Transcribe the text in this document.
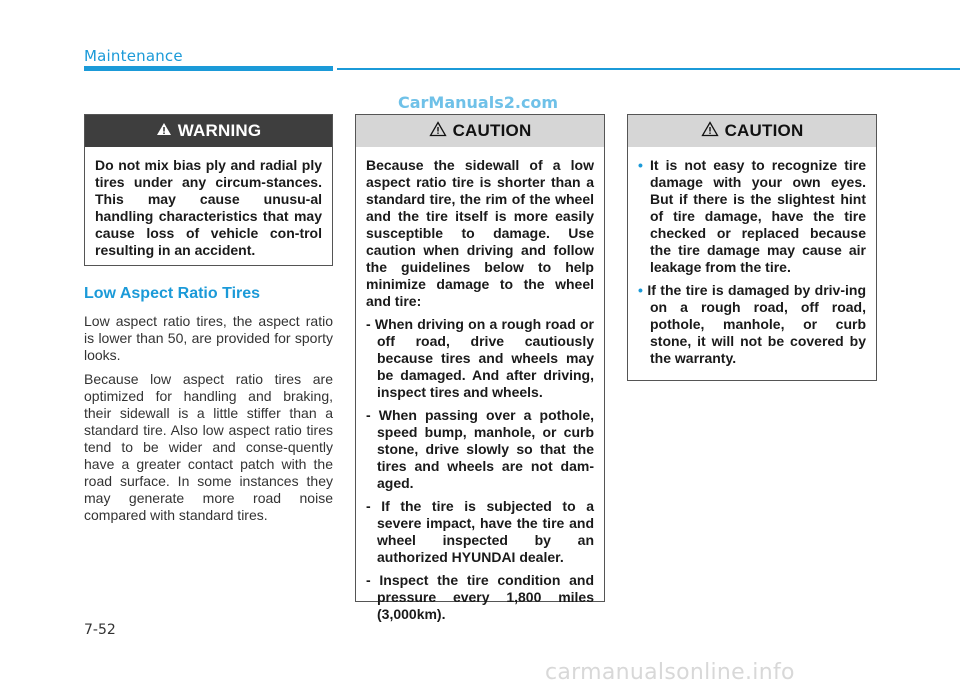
Maintenance
CarManuals2.com
WARNING

Do not mix bias ply and radial ply tires under any circum-stances. This may cause unusu-al handling characteristics that may cause loss of vehicle con-trol resulting in an accident.

Low Aspect Ratio Tires

Low aspect ratio tires, the aspect ratio is lower than 50, are provided for sporty looks.

Because low aspect ratio tires are optimized for handling and braking, their sidewall is a little stiffer than a standard tire. Also low aspect ratio tires tend to be wider and conse-quently have a greater contact patch with the road surface. In some instances they may generate more road noise compared with standard tires.

CAUTION

Because the sidewall of a low aspect ratio tire is shorter than a standard tire, the rim of the wheel and the tire itself is more easily susceptible to damage. Use caution when driving and follow the guidelines below to help minimize damage to the wheel and tire:

- When driving on a rough road or off road, drive cautiously because tires and wheels may be damaged. And after driving, inspect tires and wheels.

- When passing over a pothole, speed bump, manhole, or curb stone, drive slowly so that the tires and wheels are not dam-aged.

- If the tire is subjected to a severe impact, have the tire and wheel inspected by an authorized HYUNDAI dealer.

- Inspect the tire condition and pressure every 1,800 miles (3,000km).

CAUTION

• It is not easy to recognize tire damage with your own eyes. But if there is the slightest hint of tire damage, have the tire checked or replaced because the tire damage may cause air leakage from the tire.

• If the tire is damaged by driv-ing on a rough road, off road, pothole, manhole, or curb stone, it will not be covered by the warranty.

7-52
carmanualsonline.info
